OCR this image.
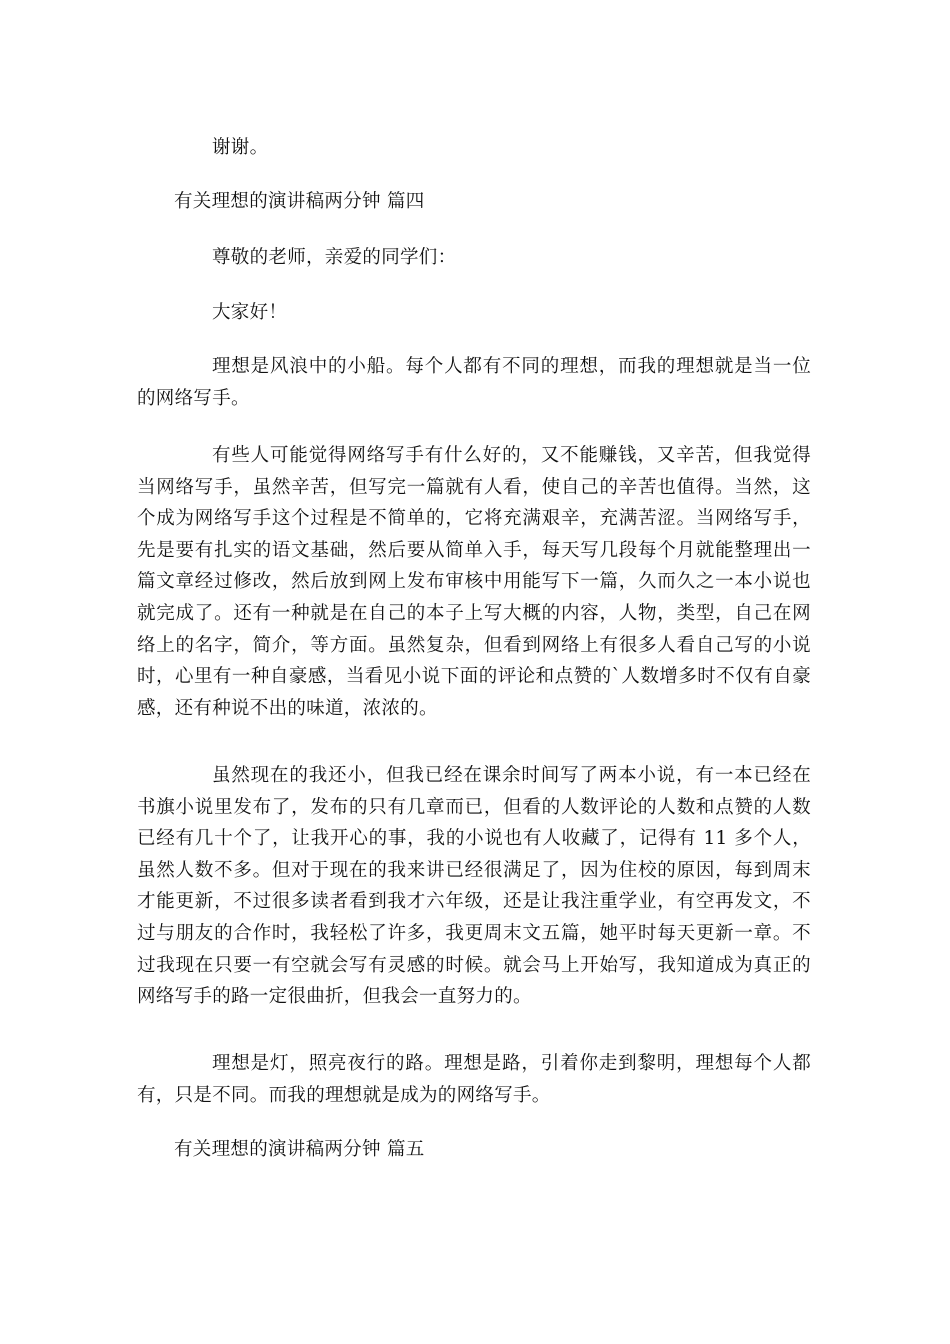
谢谢。

有关理想的演讲稿两分钟 篇四

尊敬的老师，亲爱的同学们：

大家好！

理想是风浪中的小船。每个人都有不同的理想，而我的理想就是当一位的网络写手。

有些人可能觉得网络写手有什么好的，又不能赚钱，又辛苦，但我觉得当网络写手，虽然辛苦，但写完一篇就有人看，使自己的辛苦也值得。当然，这个成为网络写手这个过程是不简单的，它将充满艰辛，充满苦涩。当网络写手，先是要有扎实的语文基础，然后要从简单入手，每天写几段每个月就能整理出一篇文章经过修改，然后放到网上发布审核中用能写下一篇，久而久之一本小说也就完成了。还有一种就是在自己的本子上写大概的内容，人物，类型，自己在网络上的名字，简介，等方面。虽然复杂，但看到网络上有很多人看自己写的小说时，心里有一种自豪感，当看见小说下面的评论和点赞的`人数增多时不仅有自豪感，还有种说不出的味道，浓浓的。

虽然现在的我还小，但我已经在课余时间写了两本小说，有一本已经在书旗小说里发布了，发布的只有几章而已，但看的人数评论的人数和点赞的人数已经有几十个了，让我开心的事，我的小说也有人收藏了，记得有 11 多个人，虽然人数不多。但对于现在的我来讲已经很满足了，因为住校的原因，每到周末才能更新，不过很多读者看到我才六年级，还是让我注重学业，有空再发文，不过与朋友的合作时，我轻松了许多，我更周末文五篇，她平时每天更新一章。不过我现在只要一有空就会写有灵感的时候。就会马上开始写，我知道成为真正的网络写手的路一定很曲折，但我会一直努力的。

理想是灯，照亮夜行的路。理想是路，引着你走到黎明，理想每个人都有，只是不同。而我的理想就是成为的网络写手。

有关理想的演讲稿两分钟 篇五
